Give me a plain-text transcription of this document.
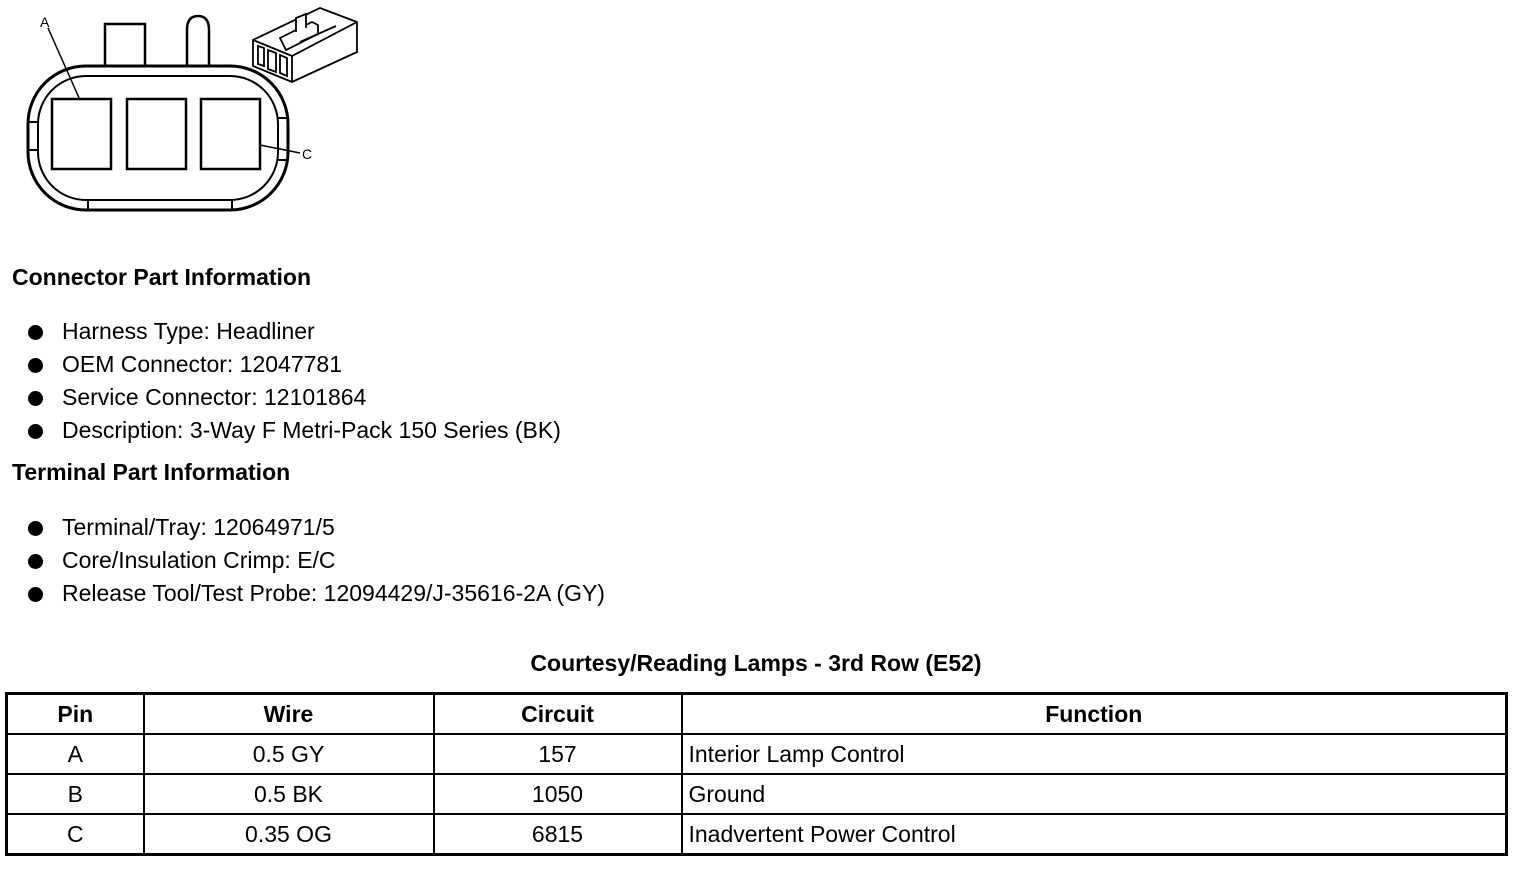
A
C
Connector Part Information
Harness Type: Headliner
OEM Connector: 12047781
Service Connector: 12101864
Description: 3-Way F Metri-Pack 150 Series (BK)
Terminal Part Information
Terminal/Tray: 12064971/5
Core/Insulation Crimp: E/C
Release Tool/Test Probe: 12094429/J-35616-2A (GY)
Courtesy/Reading Lamps - 3rd Row (E52)
Pin	Wire	Circuit	Function
A	0.5 GY	157	Interior Lamp Control
B	0.5 BK	1050	Ground
C	0.35 OG	6815	Inadvertent Power Control
